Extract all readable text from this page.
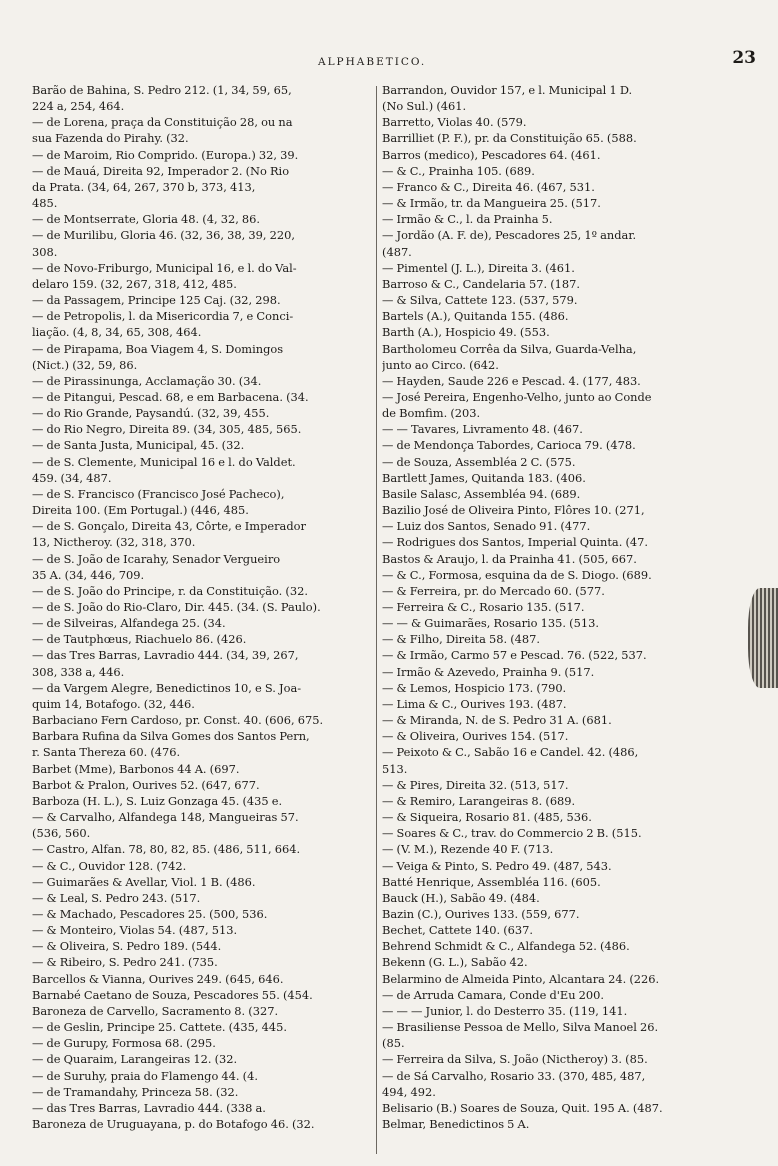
ALPHABETICO.	23
Barão de Bahina, S. Pedro 212. (1, 34, 59, 65,
224 a, 254, 464.
— de Lorena, praça da Constituição 28, ou na
sua Fazenda do Pirahy. (32.
— de Maroim, Rio Comprido. (Europa.) 32, 39.
— de Mauá, Direita 92, Imperador 2. (No Rio
da Prata. (34, 64, 267, 370 b, 373, 413,
485.
— de Montserrate, Gloria 48. (4, 32, 86.
— de Murilibu, Gloria 46. (32, 36, 38, 39, 220,
308.
— de Novo-Friburgo, Municipal 16, e l. do Val-
delaro 159. (32, 267, 318, 412, 485.
— da Passagem, Principe 125 Caj. (32, 298.
— de Petropolis, l. da Misericordia 7, e Conci-
liação. (4, 8, 34, 65, 308, 464.
— de Pirapama, Boa Viagem 4, S. Domingos
(Nict.) (32, 59, 86.
— de Pirassinunga, Acclamação 30. (34.
— de Pitangui, Pescad. 68, e em Barbacena. (34.
— do Rio Grande, Paysandú. (32, 39, 455.
— do Rio Negro, Direita 89. (34, 305, 485, 565.
— de Santa Justa, Municipal, 45. (32.
— de S. Clemente, Municipal 16 e l. do Valdet.
459. (34, 487.
— de S. Francisco (Francisco José Pacheco),
Direita 100. (Em Portugal.) (446, 485.
— de S. Gonçalo, Direita 43, Côrte, e Imperador
13, Nictheroy. (32, 318, 370.
— de S. João de Icarahy, Senador Vergueiro
35 A. (34, 446, 709.
— de S. João do Principe, r. da Constituição. (32.
— de S. João do Rio-Claro, Dir. 445. (34. (S. Paulo).
— de Silveiras, Alfandega 25. (34.
— de Tautphœus, Riachuelo 86. (426.
— das Tres Barras, Lavradio 444. (34, 39, 267,
308, 338 a, 446.
— da Vargem Alegre, Benedictinos 10, e S. Joa-
quim 14, Botafogo. (32, 446.
Barbaciano Fern Cardoso, pr. Const. 40. (606, 675.
Barbara Rufina da Silva Gomes dos Santos Pern,
r. Santa Thereza 60. (476.
Barbet (Mme), Barbonos 44 A. (697.
Barbot & Pralon, Ourives 52. (647, 677.
Barboza (H. L.), S. Luiz Gonzaga 45. (435 e.
— & Carvalho, Alfandega 148, Mangueiras 57.
(536, 560.
— Castro, Alfan. 78, 80, 82, 85. (486, 511, 664.
— & C., Ouvidor 128. (742.
— Guimarães & Avellar, Viol. 1 B. (486.
— & Leal, S. Pedro 243. (517.
— & Machado, Pescadores 25. (500, 536.
— & Monteiro, Violas 54. (487, 513.
— & Oliveira, S. Pedro 189. (544.
— & Ribeiro, S. Pedro 241. (735.
Barcellos & Vianna, Ourives 249. (645, 646.
Barnabé Caetano de Souza, Pescadores 55. (454.
Baroneza de Carvello, Sacramento 8. (327.
— de Geslin, Principe 25. Cattete. (435, 445.
— de Gurupy, Formosa 68. (295.
— de Quaraim, Larangeiras 12. (32.
— de Suruhy, praia do Flamengo 44. (4.
— de Tramandahy, Princeza 58. (32.
— das Tres Barras, Lavradio 444. (338 a.
Baroneza de Uruguayana, p. do Botafogo 46. (32.
Barrandon, Ouvidor 157, e l. Municipal 1 D.
(No Sul.) (461.
Barretto, Violas 40. (579.
Barrilliet (P. F.), pr. da Constituição 65. (588.
Barros (medico), Pescadores 64. (461.
— & C., Prainha 105. (689.
— Franco & C., Direita 46. (467, 531.
— & Irmão, tr. da Mangueira 25. (517.
— Irmão & C., l. da Prainha 5.
— Jordão (A. F. de), Pescadores 25, 1º andar.
(487.
— Pimentel (J. L.), Direita 3. (461.
Barroso & C., Candelaria 57. (187.
— & Silva, Cattete 123. (537, 579.
Bartels (A.), Quitanda 155. (486.
Barth (A.), Hospicio 49. (553.
Bartholomeu Corrêa da Silva, Guarda-Velha,
junto ao Circo. (642.
— Hayden, Saude 226 e Pescad. 4. (177, 483.
— José Pereira, Engenho-Velho, junto ao Conde
de Bomfim. (203.
— — Tavares, Livramento 48. (467.
— de Mendonça Tabordes, Carioca 79. (478.
— de Souza, Assembléa 2 C. (575.
Bartlett James, Quitanda 183. (406.
Basile Salasc, Assembléa 94. (689.
Bazilio José de Oliveira Pinto, Flôres 10. (271,
— Luiz dos Santos, Senado 91. (477.
— Rodrigues dos Santos, Imperial Quinta. (47.
Bastos & Araujo, l. da Prainha 41. (505, 667.
— & C., Formosa, esquina da de S. Diogo. (689.
— & Ferreira, pr. do Mercado 60. (577.
— Ferreira & C., Rosario 135. (517.
— — & Guimarães, Rosario 135. (513.
— & Filho, Direita 58. (487.
— & Irmão, Carmo 57 e Pescad. 76. (522, 537.
— Irmão & Azevedo, Prainha 9. (517.
— & Lemos, Hospicio 173. (790.
— Lima & C., Ourives 193. (487.
— & Miranda, N. de S. Pedro 31 A. (681.
— & Oliveira, Ourives 154. (517.
— Peixoto & C., Sabão 16 e Candel. 42. (486,
513.
— & Pires, Direita 32. (513, 517.
— & Remiro, Larangeiras 8. (689.
— & Siqueira, Rosario 81. (485, 536.
— Soares & C., trav. do Commercio 2 B. (515.
— (V. M.), Rezende 40 F. (713.
— Veiga & Pinto, S. Pedro 49. (487, 543.
Batté Henrique, Assembléa 116. (605.
Bauck (H.), Sabão 49. (484.
Bazin (C.), Ourives 133. (559, 677.
Bechet, Cattete 140. (637.
Behrend Schmidt & C., Alfandega 52. (486.
Bekenn (G. L.), Sabão 42.
Belarmino de Almeida Pinto, Alcantara 24. (226.
— de Arruda Camara, Conde d'Eu 200.
— — — Junior, l. do Desterro 35. (119, 141.
— Brasiliense Pessoa de Mello, Silva Manoel 26.
(85.
— Ferreira da Silva, S. João (Nictheroy) 3. (85.
— de Sá Carvalho, Rosario 33. (370, 485, 487,
494, 492.
Belisario (B.) Soares de Souza, Quit. 195 A. (487.
Belmar, Benedictinos 5 A.
